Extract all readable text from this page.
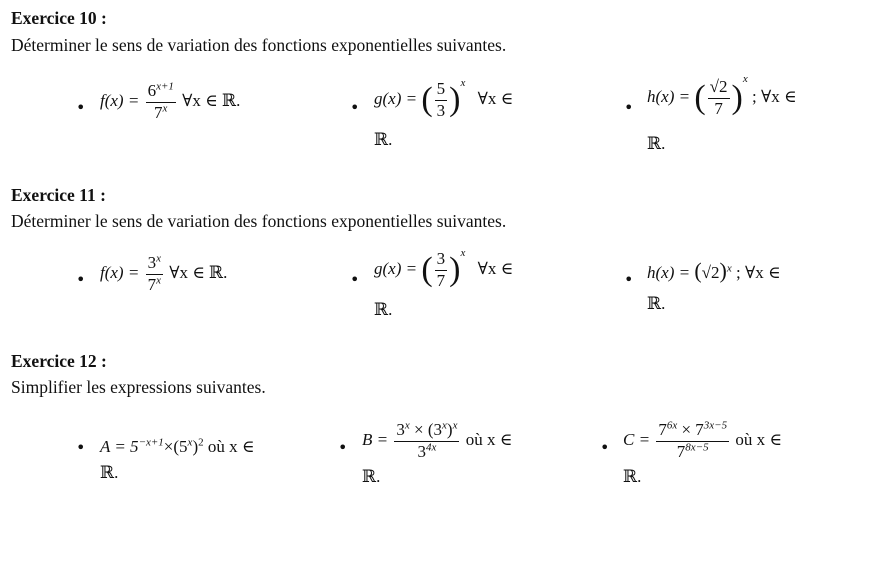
Exercice 10 :
Déterminer le sens de variation des fonctions exponentielles suivantes.
• $f(x) = \frac{6^{x+1}}{7^x}$ ∀x ∈ ℝ.	• g(x) = ( $\frac{5}{3} )^x$ ∀x ∈
ℝ.
•
h(x) = ( $\frac{√2}{7} )^x$ ; ∀x ∈
ℝ.
Exercice 11 :
Déterminer le sens de variation des fonctions exponentielles suivantes.
• $f(x) = \frac{3^x}{7^x}$ ∀x ∈ ℝ.	•
g(x) = ( $\frac{3}{7} )^x$ ∀x ∈
ℝ.
• $h(x) = (√2)^x$ ; ∀x ∈
ℝ.
Exercice 12 :
Simplifier les expressions suivantes.
• $A = 5^{-x+1}\times(5^x)^2$ où x ∈
ℝ.
• $B = \frac{3^x \times (3^x)^x}{3^{4x}}$ où x ∈
ℝ.
• $C = \frac{7^{6x} \times 7^{3x-5}}{7^{8x-5}}$ où x ∈
ℝ.
